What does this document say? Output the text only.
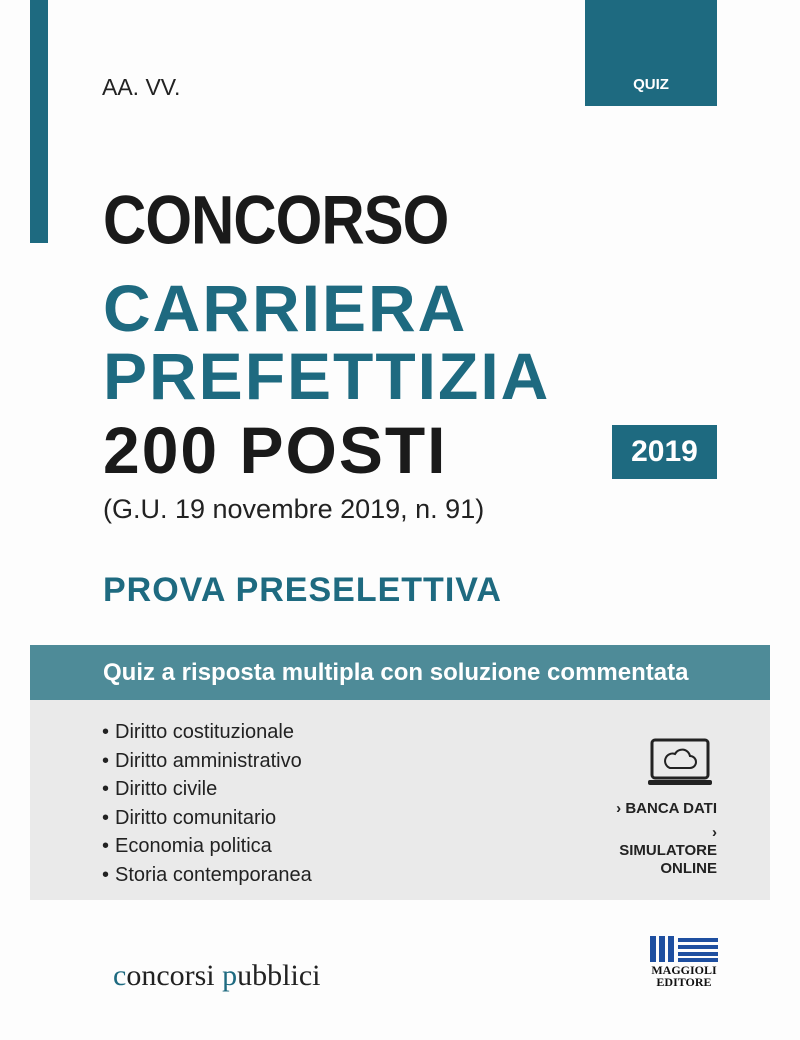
QUIZ
AA. VV.
CONCORSO
CARRIERA
PREFETTIZIA
200 POSTI	2019
(G.U. 19 novembre 2019, n. 91)
PROVA PRESELETTIVA
Quiz a risposta multipla con soluzione commentata
• Diritto costituzionale
• Diritto amministrativo
• Diritto civile
• Diritto comunitario
• Economia politica
• Storia contemporanea
› BANCA DATI
› SIMULATORE
ONLINE
concorsi pubblici	MAGGIOLI
EDITORE
